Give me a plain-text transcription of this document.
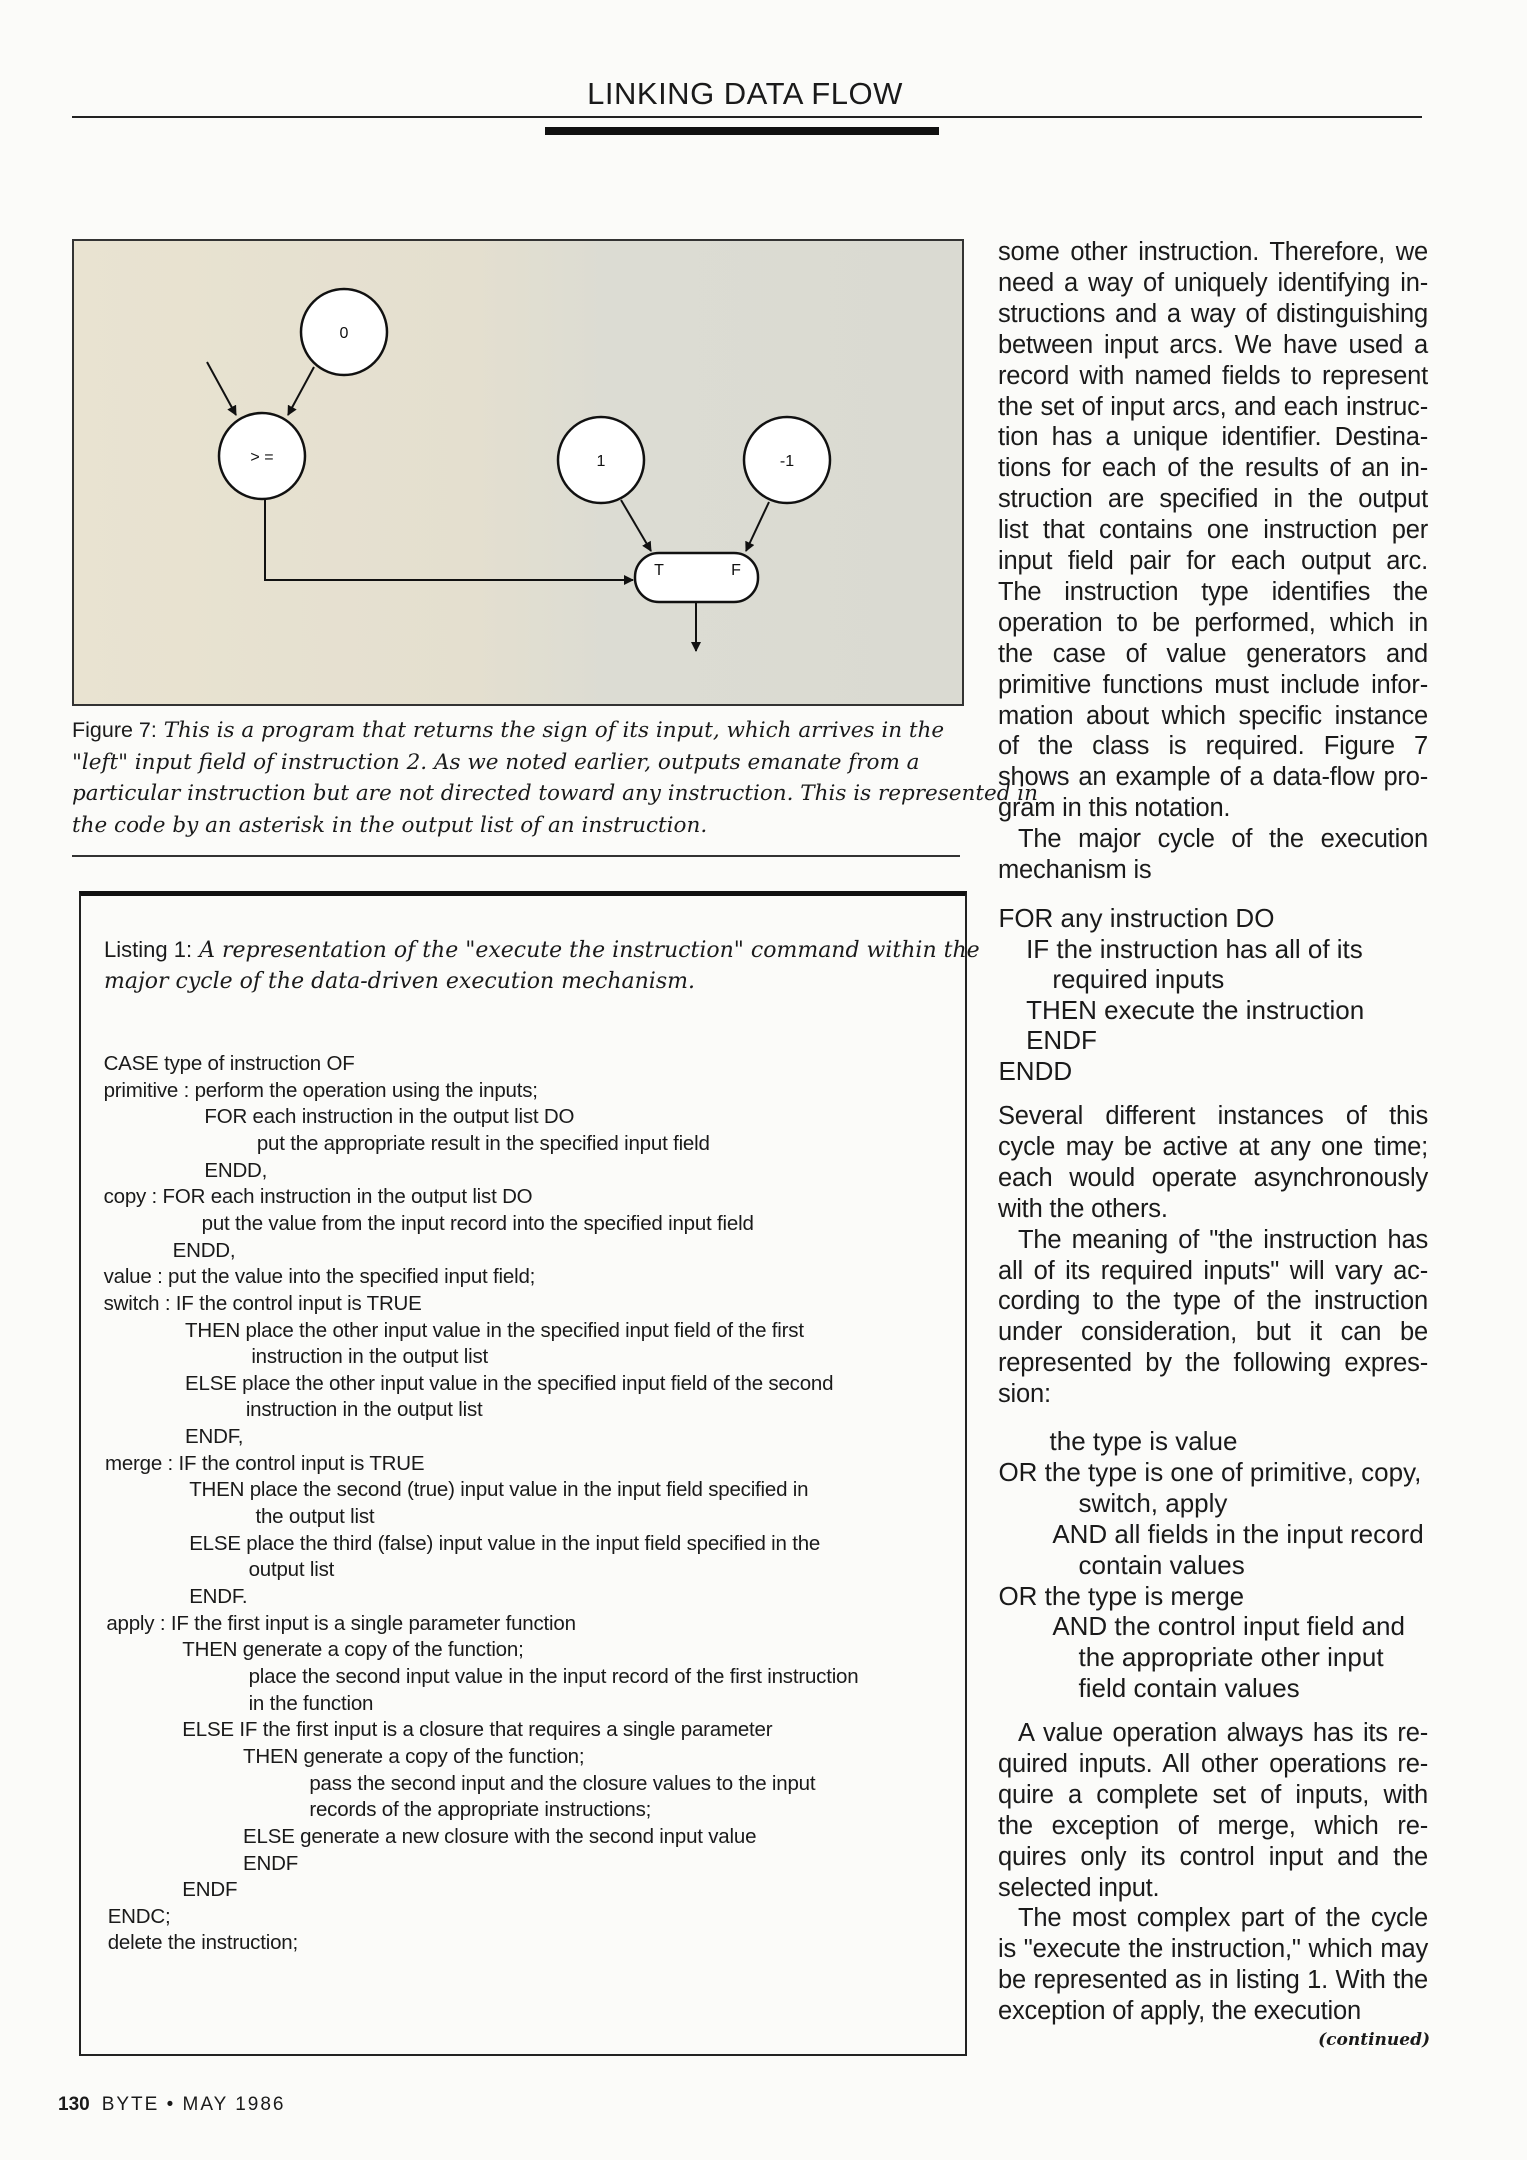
LINKING DATA FLOW
0
> =	1	-1
T	F
Figure 7: This is a program that returns the sign of its input, which arrives in the
"left" input field of instruction 2. As we noted earlier, outputs emanate from a
particular instruction but are not directed toward any instruction. This is represented in
the code by an asterisk in the output list of an instruction.
Listing 1: A representation of the "execute the instruction" command within the
major cycle of the data-driven execution mechanism.
CASE type of instruction OF
primitive : perform the operation using the inputs;
FOR each instruction in the output list DO
put the appropriate result in the specified input field
ENDD,
copy : FOR each instruction in the output list DO
put the value from the input record into the specified input field
ENDD,
value : put the value into the specified input field;
switch : IF the control input is TRUE
THEN place the other input value in the specified input field of the first
instruction in the output list
ELSE place the other input value in the specified input field of the second
instruction in the output list
ENDF,
merge : IF the control input is TRUE
THEN place the second (true) input value in the input field specified in
the output list
ELSE place the third (false) input value in the input field specified in the
output list
ENDF.
apply : IF the first input is a single parameter function
THEN generate a copy of the function;
place the second input value in the input record of the first instruction
in the function
ELSE IF the first input is a closure that requires a single parameter
THEN generate a copy of the function;
pass the second input and the closure values to the input
records of the appropriate instructions;
ELSE generate a new closure with the second input value
ENDF
ENDF
ENDC;
delete the instruction;
some other instruction. Therefore, we
need a way of uniquely identifying in-
structions and a way of distinguishing
between input arcs. We have used a
record with named fields to represent
the set of input arcs, and each instruc-
tion has a unique identifier. Destina-
tions for each of the results of an in-
struction are specified in the output
list that contains one instruction per
input field pair for each output arc.
The instruction type identifies the
operation to be performed, which in
the case of value generators and
primitive functions must include infor-
mation about which specific instance
of the class is required. Figure 7
shows an example of a data-flow pro-
gram in this notation.
The major cycle of the execution
mechanism is
Several different instances of this
cycle may be active at any one time;
each would operate asynchronously
with the others.
The meaning of "the instruction has
all of its required inputs" will vary ac-
cording to the type of the instruction
under consideration, but it can be
represented by the following expres-
sion:
A value operation always has its re-
quired inputs. All other operations re-
quire a complete set of inputs, with
the exception of merge, which re-
quires only its control input and the
selected input.
The most complex part of the cycle
is "execute the instruction," which may
be represented as in listing 1. With the
exception of apply, the execution
FOR any instruction DO
IF the instruction has all of its
required inputs
THEN execute the instruction
ENDF
ENDD
the type is value
OR the type is one of primitive, copy,
switch, apply
AND all fields in the input record
contain values
OR the type is merge
AND the control input field and
the appropriate other input
field contain values
(continued)
130 BYTE • MAY 1986
